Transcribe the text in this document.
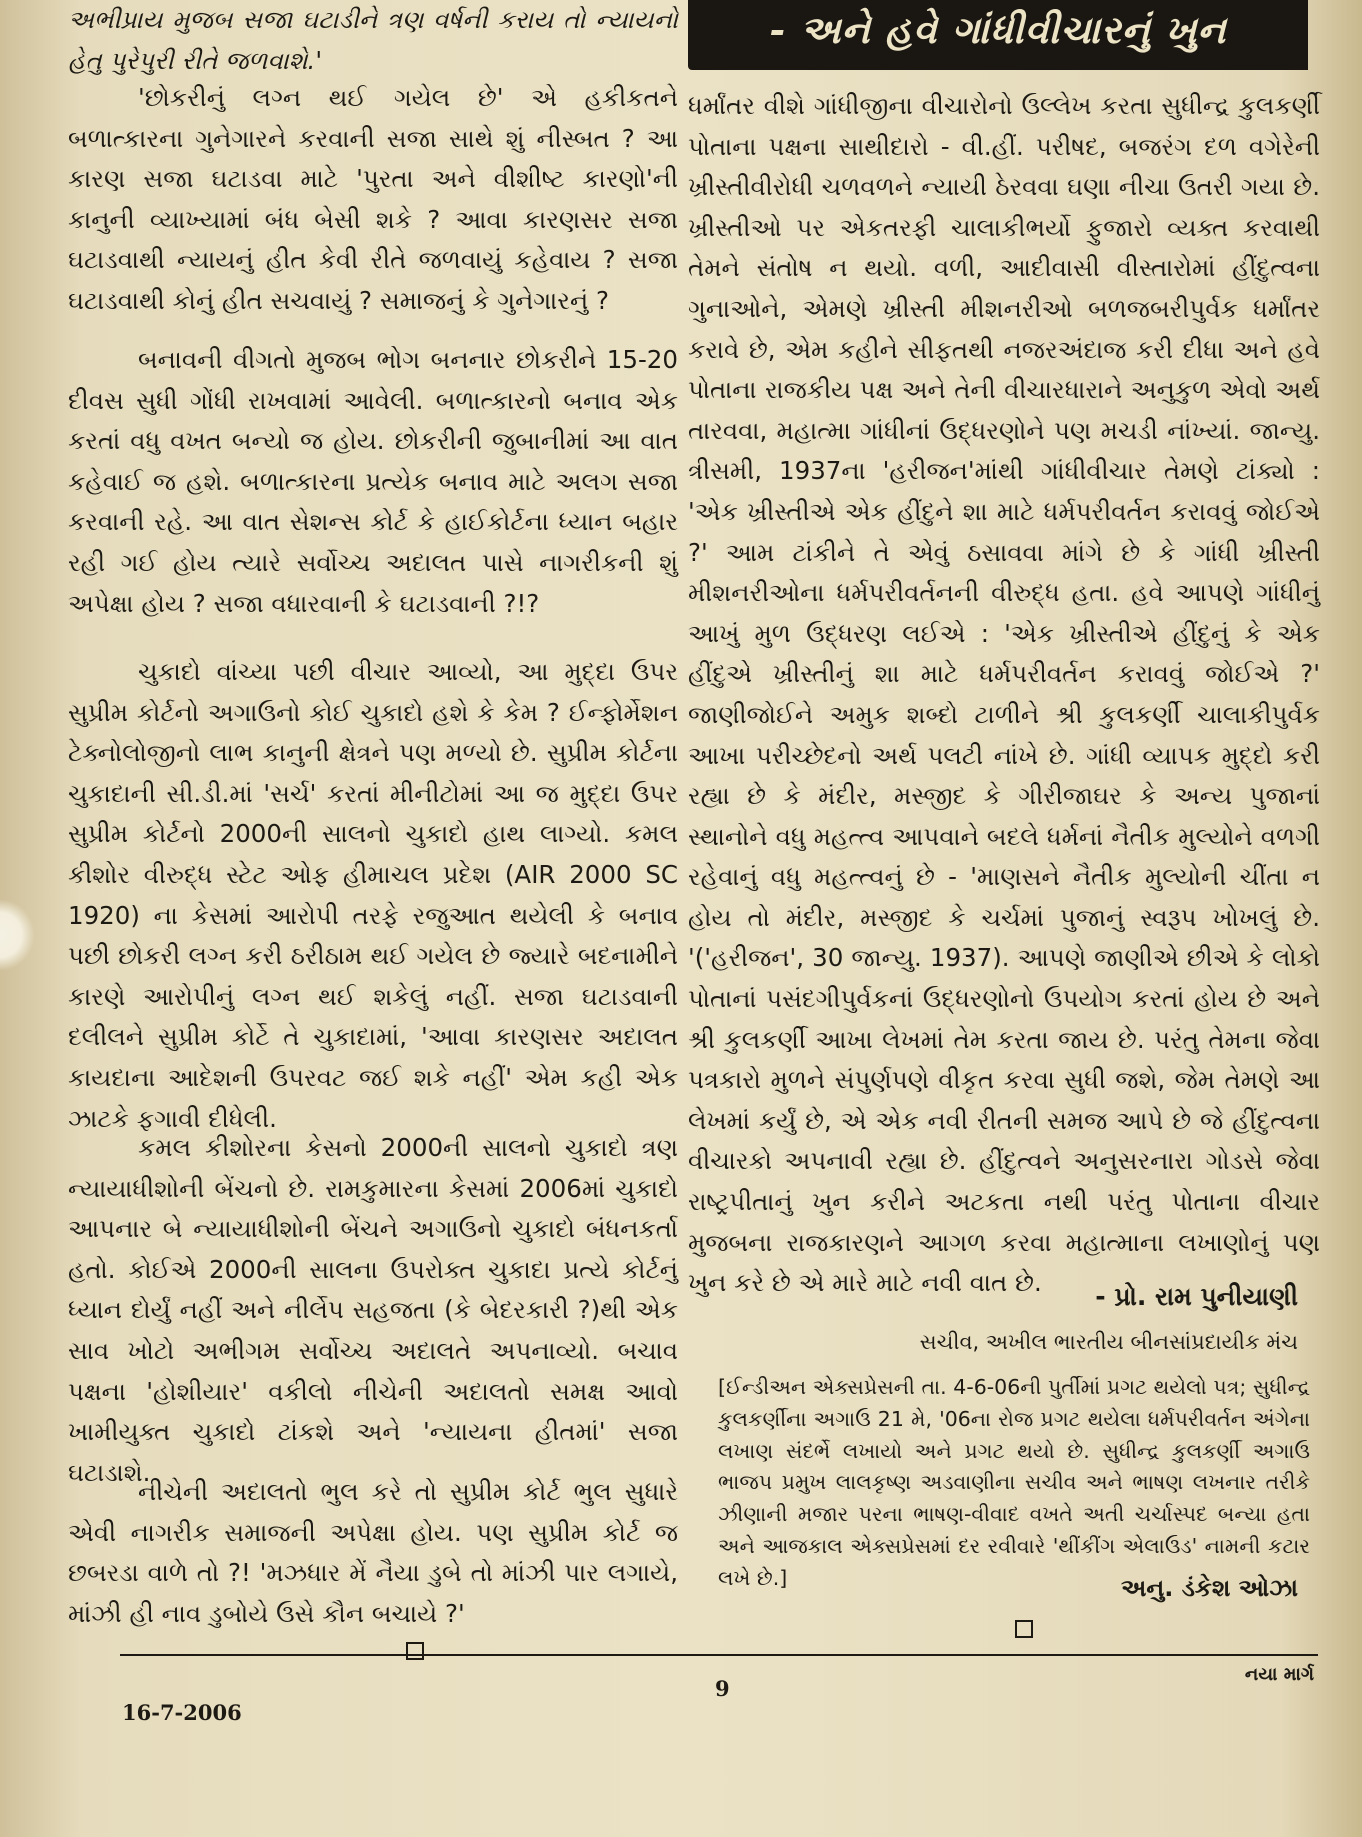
અભીપ્રાય મુજબ સજા ઘટાડીને ત્રણ વર્ષની કરાય તો ન્યાયનો હેતુ પુરેપુરી રીતે જળવાશે.'

'છોકરીનું લગ્ન થઈ ગયેલ છે' એ હકીકતને બળાત્કારના ગુનેગારને કરવાની સજા સાથે શું નીસ્બત ? આ કારણ સજા ઘટાડવા માટે 'પુરતા અને વીશીષ્ટ કારણો'ની કાનુની વ્યાખ્યામાં બંધ બેસી શકે ? આવા કારણસર સજા ઘટાડવાથી ન્યાયનું હીત કેવી રીતે જળવાયું કહેવાય ? સજા ઘટાડવાથી કોનું હીત સચવાયું ? સમાજનું કે ગુનેગારનું ?

બનાવની વીગતો મુજબ ભોગ બનનાર છોકરીને 15-20 દીવસ સુધી ગોંધી રાખવામાં આવેલી. બળાત્કારનો બનાવ એક કરતાં વધુ વખત બન્યો જ હોય. છોકરીની જુબાનીમાં આ વાત કહેવાઈ જ હશે. બળાત્કારના પ્રત્યેક બનાવ માટે અલગ સજા કરવાની રહે. આ વાત સેશન્સ કોર્ટ કે હાઈકોર્ટના ધ્યાન બહાર રહી ગઈ હોય ત્યારે સર્વોચ્ચ અદાલત પાસે નાગરીકની શું અપેક્ષા હોય ? સજા વધારવાની કે ઘટાડવાની ?!?

ચુકાદો વાંચ્યા પછી વીચાર આવ્યો, આ મુદ્દા ઉપર સુપ્રીમ કોર્ટનો અગાઉનો કોઈ ચુકાદો હશે કે કેમ ? ઈન્ફોર્મેશન ટેક્નોલોજીનો લાભ કાનુની ક્ષેત્રને પણ મળ્યો છે. સુપ્રીમ કોર્ટના ચુકાદાની સી.ડી.માં 'સર્ચ' કરતાં મીનીટોમાં આ જ મુદ્દા ઉપર સુપ્રીમ કોર્ટનો 2000ની સાલનો ચુકાદો હાથ લાગ્યો. કમલ કીશોર વીરુદ્ધ સ્ટેટ ઓફ હીમાચલ પ્રદેશ (AIR 2000 SC 1920) ના કેસમાં આરોપી તરફે રજુઆત થયેલી કે બનાવ પછી છોકરી લગ્ન કરી ઠરીઠામ થઈ ગયેલ છે જ્યારે બદનામીને કારણે આરોપીનું લગ્ન થઈ શકેલું નહીં. સજા ઘટાડવાની દલીલને સુપ્રીમ કોર્ટે તે ચુકાદામાં, 'આવા કારણસર અદાલત કાયદાના આદેશની ઉપરવટ જઈ શકે નહીં' એમ કહી એક ઝાટકે ફગાવી દીધેલી.

કમલ કીશોરના કેસનો 2000ની સાલનો ચુકાદો ત્રણ ન્યાયાધીશોની બેંચનો છે. રામકુમારના કેસમાં 2006માં ચુકાદો આપનાર બે ન્યાયાધીશોની બેંચને અગાઉનો ચુકાદો બંધનકર્તા હતો. કોઈએ 2000ની સાલના ઉપરોક્ત ચુકાદા પ્રત્યે કોર્ટનું ધ્યાન દોર્યું નહીં અને નીર્લેપ સહજતા (કે બેદરકારી ?)થી એક સાવ ખોટો અભીગમ સર્વોચ્ચ અદાલતે અપનાવ્યો. બચાવ પક્ષના 'હોશીયાર' વકીલો નીચેની અદાલતો સમક્ષ આવો ખામીયુક્ત ચુકાદો ટાંકશે અને 'ન્યાયના હીતમાં' સજા ઘટાડાશે.

નીચેની અદાલતો ભુલ કરે તો સુપ્રીમ કોર્ટ ભુલ સુધારે એવી નાગરીક સમાજની અપેક્ષા હોય. પણ સુપ્રીમ કોર્ટ જ છબરડા વાળે તો ?! 'મઝધાર મેં નૈયા ડુબે તો માંઝી પાર લગાયે, માંઝી હી નાવ ડુબોયે ઉસે કૌન બચાયે ?'

- અને હવે ગાંધીવીચારનું ખુન

ધર્માંતર વીશે ગાંધીજીના વીચારોનો ઉલ્લેખ કરતા સુધીન્દ્ર કુલકર્ણી પોતાના પક્ષના સાથીદારો - વી.હીં. પરીષદ, બજરંગ દળ વગેરેની ખ્રીસ્તીવીરોધી ચળવળને ન્યાયી ઠેરવવા ઘણા નીચા ઉતરી ગયા છે. ખ્રીસ્તીઓ પર એકતરફી ચાલાકીભર્યો ફુજારો વ્યક્ત કરવાથી તેમને સંતોષ ન થયો. વળી, આદીવાસી વીસ્તારોમાં હીંદુત્વના ગુનાઓને, એમણે ખ્રીસ્તી મીશનરીઓ બળજબરીપુર્વક ધર્માંતર કરાવે છે, એમ કહીને સીફતથી નજરઅંદાજ કરી દીધા અને હવે પોતાના રાજકીય પક્ષ અને તેની વીચારધારાને અનુકુળ એવો અર્થ તારવવા, મહાત્મા ગાંધીનાં ઉદ્ધરણોને પણ મચડી નાંખ્યાં. જાન્યુ. ત્રીસમી, 1937ના 'હરીજન'માંથી ગાંધીવીચાર તેમણે ટાંક્યો : 'એક ખ્રીસ્તીએ એક હીંદુને શા માટે ધર્મપરીવર્તન કરાવવું જોઈએ ?' આમ ટાંકીને તે એવું ઠસાવવા માંગે છે કે ગાંધી ખ્રીસ્તી મીશનરીઓના ધર્મપરીવર્તનની વીરુદ્ધ હતા. હવે આપણે ગાંધીનું આખું મુળ ઉદ્ધરણ લઈએ : 'એક ખ્રીસ્તીએ હીંદુનું કે એક હીંદુએ ખ્રીસ્તીનું શા માટે ધર્મપરીવર્તન કરાવવું જોઈએ ?' જાણીજોઈને અમુક શબ્દો ટાળીને શ્રી કુલકર્ણી ચાલાકીપુર્વક આખા પરીચ્છેદનો અર્થ પલટી નાંખે છે. ગાંધી વ્યાપક મુદ્દો કરી રહ્યા છે કે મંદીર, મસ્જીદ કે ગીરીજાઘર કે અન્ય પુજાનાં સ્થાનોને વધુ મહત્ત્વ આપવાને બદલે ધર્મનાં નૈતીક મુલ્યોને વળગી રહેવાનું વધુ મહત્ત્વનું છે - 'માણસને નૈતીક મુલ્યોની ચીંતા ન હોય તો મંદીર, મસ્જીદ કે ચર્ચમાં પુજાનું સ્વરૂપ ખોખલું છે. '('હરીજન', 30 જાન્યુ. 1937). આપણે જાણીએ છીએ કે લોકો પોતાનાં પસંદગીપુર્વકનાં ઉદ્ધરણોનો ઉપયોગ કરતાં હોય છે અને શ્રી કુલકર્ણી આખા લેખમાં તેમ કરતા જાય છે. પરંતુ તેમના જેવા પત્રકારો મુળને સંપુર્ણપણે વીકૃત કરવા સુધી જશે, જેમ તેમણે આ લેખમાં કર્યું છે, એ એક નવી રીતની સમજ આપે છે જે હીંદુત્વના વીચારકો અપનાવી રહ્યા છે. હીંદુત્વને અનુસરનારા ગોડસે જેવા રાષ્ટ્રપીતાનું ખુન કરીને અટકતા નથી પરંતુ પોતાના વીચાર મુજબના રાજકારણને આગળ કરવા મહાત્માના લખાણોનું પણ ખુન કરે છે એ મારે માટે નવી વાત છે.	- પ્રો. રામ પુનીયાણી
સચીવ, અખીલ ભારતીય બીનસાંપ્રદાયીક મંચ

[ઈન્ડીઅન એક્સપ્રેસની તા. 4-6-06ની પુર્તીમાં પ્રગટ થયેલો પત્ર; સુધીન્દ્ર કુલકર્ણીના અગાઉ 21 મે, '06ના રોજ પ્રગટ થયેલા ધર્મપરીવર્તન અંગેના લખાણ સંદર્ભે લખાયો અને પ્રગટ થયો છે. સુધીન્દ્ર કુલકર્ણી અગાઉ ભાજપ પ્રમુખ લાલકૃષ્ણ અડવાણીના સચીવ અને ભાષણ લખનાર તરીકે ઝીણાની મજાર પરના ભાષણ-વીવાદ વખતે અતી ચર્ચાસ્પદ બન્યા હતા અને આજકાલ એક્સપ્રેસમાં દર રવીવારે 'થીંકીંગ એલાઉડ' નામની કટાર લખે છે.]	અનુ. ડંકેશ ઓઝા
નયા માર્ગ
9
16-7-2006
